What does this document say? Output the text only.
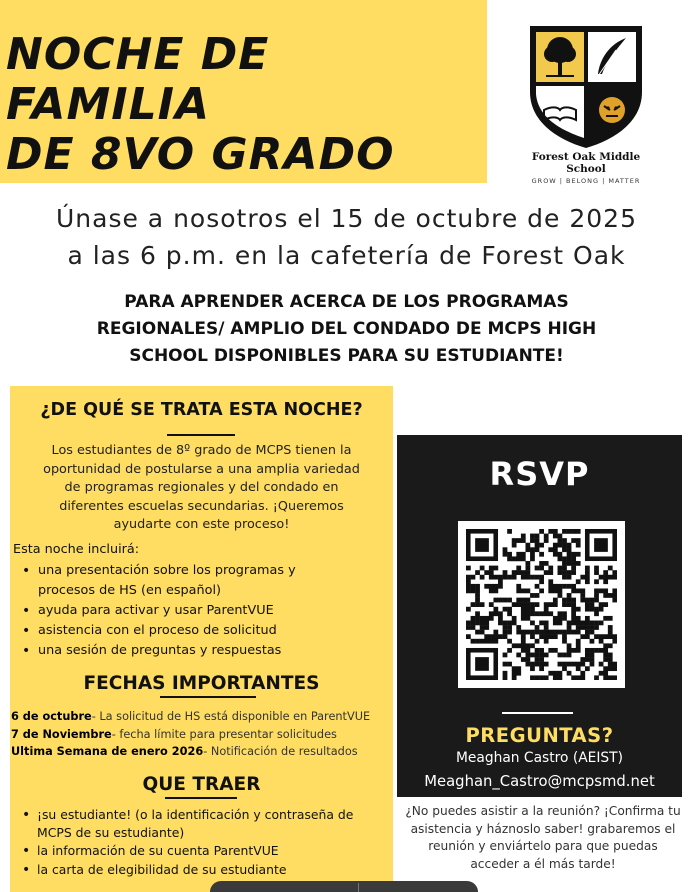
NOCHE DE FAMILIA
DE 8VO GRADO	Forest Oak Middle School
GROW | BELONG | MATTER
Únase a nosotros el 15 de octubre de 2025
a las 6 p.m. en la cafetería de Forest Oak
PARA APRENDER ACERCA DE LOS PROGRAMAS
REGIONALES/ AMPLIO DEL CONDADO DE MCPS HIGH
SCHOOL DISPONIBLES PARA SU ESTUDIANTE!
¿DE QUÉ SE TRATA ESTA NOCHE?
Los estudiantes de 8º grado de MCPS tienen la
oportunidad de postularse a una amplia variedad
de programas regionales y del condado en
diferentes escuelas secundarias. ¡Queremos
ayudarte con este proceso!
Esta noche incluirá:
• una presentación sobre los programas y
procesos de HS (en español)
• ayuda para activar y usar ParentVUE
• asistencia con el proceso de solicitud
• una sesión de preguntas y respuestas
FECHAS IMPORTANTES
6 de octubre- La solicitud de HS está disponible en ParentVUE
7 de Noviembre- fecha límite para presentar solicitudes
Ultima Semana de enero 2026- Notificación de resultados
QUE TRAER
• ¡su estudiante! (o la identificación y contraseña de
MCPS de su estudiante)
• la información de su cuenta ParentVUE
• la carta de elegibilidad de su estudiante
RSVP
PREGUNTAS?
Meaghan Castro (AEIST)
Meaghan_Castro@mcpsmd.net
¿No puedes asistir a la reunión? ¡Confirma tu
asistencia y háznoslo saber! grabaremos el
reunión y enviártelo para que puedas
acceder a él más tarde!
